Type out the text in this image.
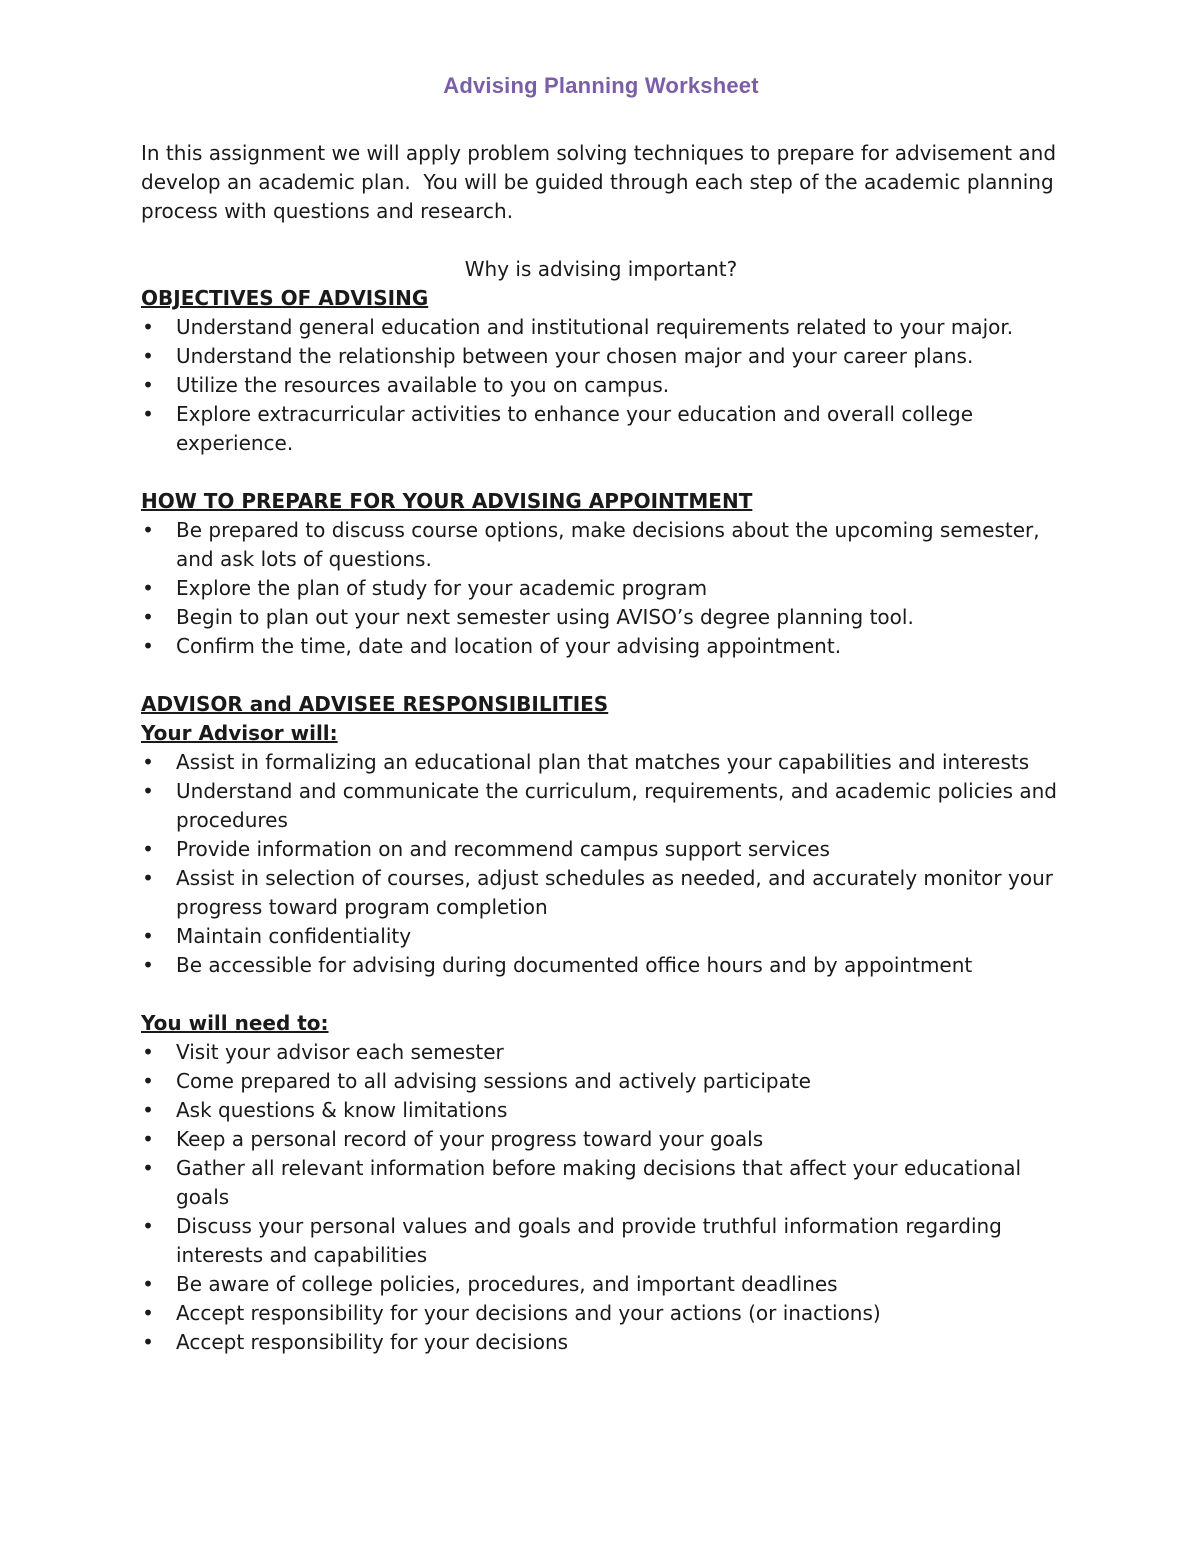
Advising Planning Worksheet

In this assignment we will apply problem solving techniques to prepare for advisement and develop an academic plan.  You will be guided through each step of the academic planning process with questions and research.

Why is advising important?

OBJECTIVES OF ADVISING

• Understand general education and institutional requirements related to your major.
• Understand the relationship between your chosen major and your career plans.
• Utilize the resources available to you on campus.
• Explore extracurricular activities to enhance your education and overall college experience.

HOW TO PREPARE FOR YOUR ADVISING APPOINTMENT

• Be prepared to discuss course options, make decisions about the upcoming semester, and ask lots of questions.
• Explore the plan of study for your academic program
• Begin to plan out your next semester using AVISO’s degree planning tool.
• Confirm the time, date and location of your advising appointment.

ADVISOR and ADVISEE RESPONSIBILITIES

Your Advisor will:

• Assist in formalizing an educational plan that matches your capabilities and interests
• Understand and communicate the curriculum, requirements, and academic policies and procedures
• Provide information on and recommend campus support services
• Assist in selection of courses, adjust schedules as needed, and accurately monitor your progress toward program completion
• Maintain confidentiality
• Be accessible for advising during documented office hours and by appointment

You will need to:

• Visit your advisor each semester
• Come prepared to all advising sessions and actively participate
• Ask questions & know limitations
• Keep a personal record of your progress toward your goals
• Gather all relevant information before making decisions that affect your educational goals
• Discuss your personal values and goals and provide truthful information regarding interests and capabilities
• Be aware of college policies, procedures, and important deadlines
• Accept responsibility for your decisions and your actions (or inactions)
• Accept responsibility for your decisions
